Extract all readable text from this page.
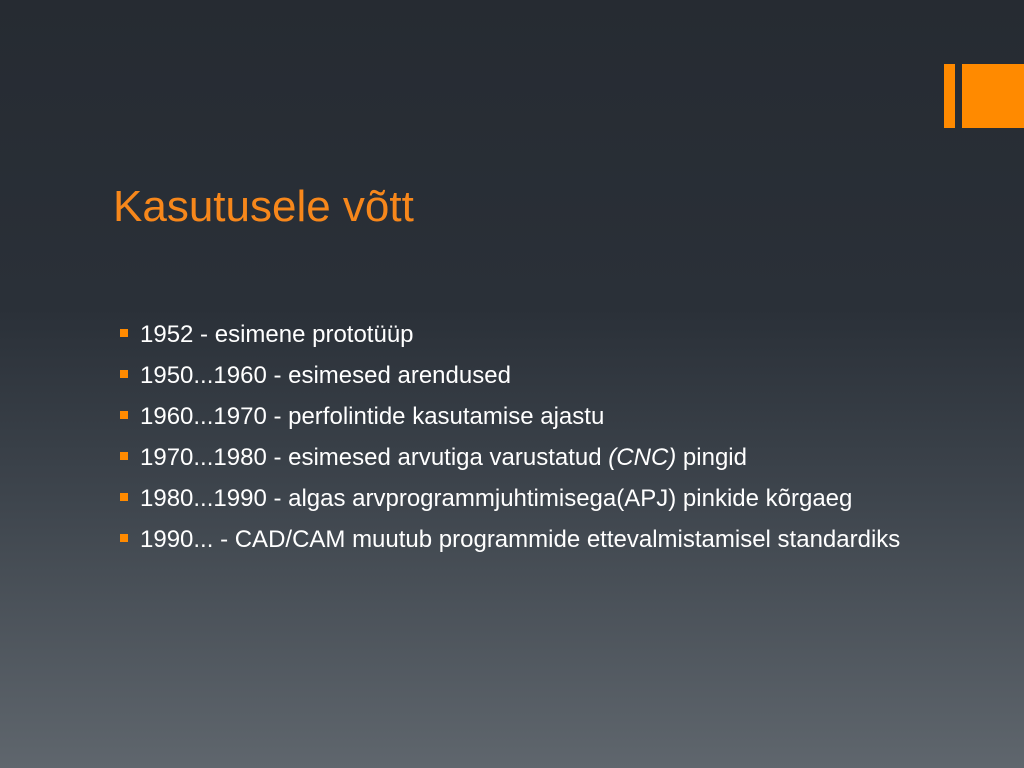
Kasutusele võtt
1952 - esimene prototüüp
1950...1960 - esimesed arendused
1960...1970 - perfolintide kasutamise ajastu
1970...1980 - esimesed arvutiga varustatud (CNC) pingid
1980...1990 - algas arvprogrammjuhtimisega(APJ) pinkide kõrgaeg
1990... - CAD/CAM muutub programmide ettevalmistamisel standardiks
